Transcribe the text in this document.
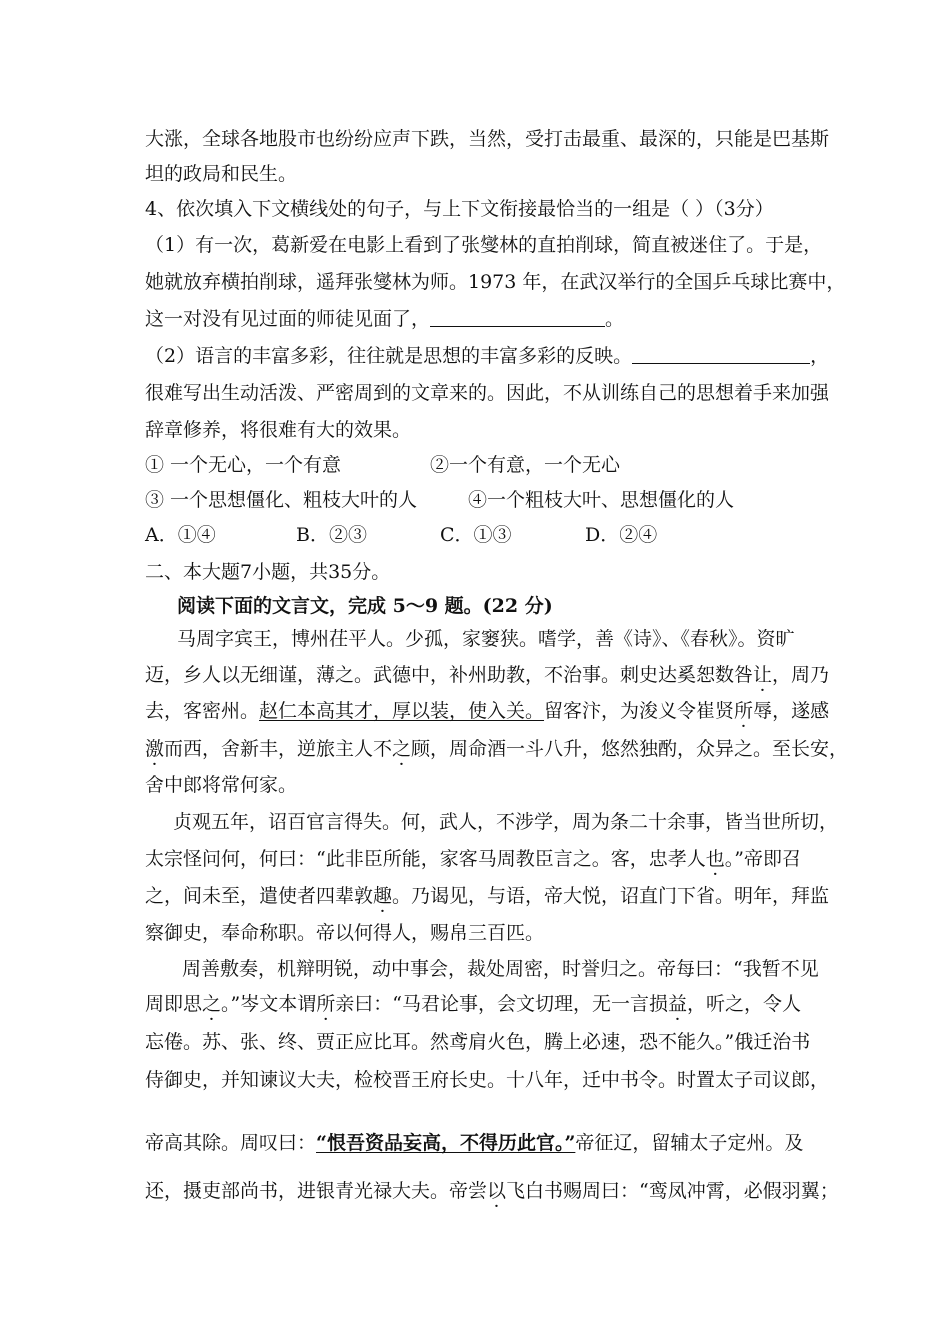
大涨，全球各地股市也纷纷应声下跌，当然，受打击最重、最深的，只能是巴基斯
坦的政局和民生。
4、依次填入下文横线处的句子，与上下文衔接最恰当的一组是（ ）（3分）
（1）有一次，葛新爱在电影上看到了张燮林的直拍削球，简直被迷住了。于是，
她就放弃横拍削球，遥拜张燮林为师。1973 年，在武汉举行的全国乒乓球比赛中，
这一对没有见过面的师徒见面了，	。
（2）语言的丰富多彩，往往就是思想的丰富多彩的反映。	，
很难写出生动活泼、严密周到的文章来的。因此，不从训练自己的思想着手来加强
辞章修养，将很难有大的效果。
① 一个无心，一个有意	②一个有意，一个无心
③ 一个思想僵化、粗枝大叶的人	④一个粗枝大叶、思想僵化的人
A．①④	B．②③	C．①③	D．②④
二、本大题7小题，共35分。
阅读下面的文言文，完成 5～9 题。(22 分)
马周字宾王，博州茌平人。少孤，家窭狭。嗜学，善《诗》、《春秋》。资旷
迈，乡人以无细谨，薄之。武德中，补州助教，不治事。刺史达奚恕数咎让，周乃
去，客密州。赵仁本高其才，厚以装，使入关。留客汴，为浚义令崔贤所辱，遂感
激而西，舍新丰，逆旅主人不之顾，周命酒一斗八升，悠然独酌，众异之。至长安，
舍中郎将常何家。
贞观五年，诏百官言得失。何，武人，不涉学，周为条二十余事，皆当世所切，
太宗怪问何，何曰：“此非臣所能，家客马周教臣言之。客，忠孝人也。”帝即召
之，间未至，遣使者四辈敦趣。乃谒见，与语，帝大悦，诏直门下省。明年，拜监
察御史，奉命称职。帝以何得人，赐帛三百匹。
周善敷奏，机辩明锐，动中事会，裁处周密，时誉归之。帝每曰：“我暂不见
周即思之。”岑文本谓所亲曰：“马君论事，会文切理，无一言损益，听之，令人
忘倦。苏、张、终、贾正应比耳。然鸢肩火色，腾上必速，恐不能久。”俄迁治书
侍御史，并知谏议大夫，检校晋王府长史。十八年，迁中书令。时置太子司议郎，
帝高其除。周叹曰：“恨吾资品妄高，不得历此官。”帝征辽，留辅太子定州。及
还，摄吏部尚书，进银青光禄大夫。帝尝以飞白书赐周曰：“鸾凤冲霄，必假羽翼；
